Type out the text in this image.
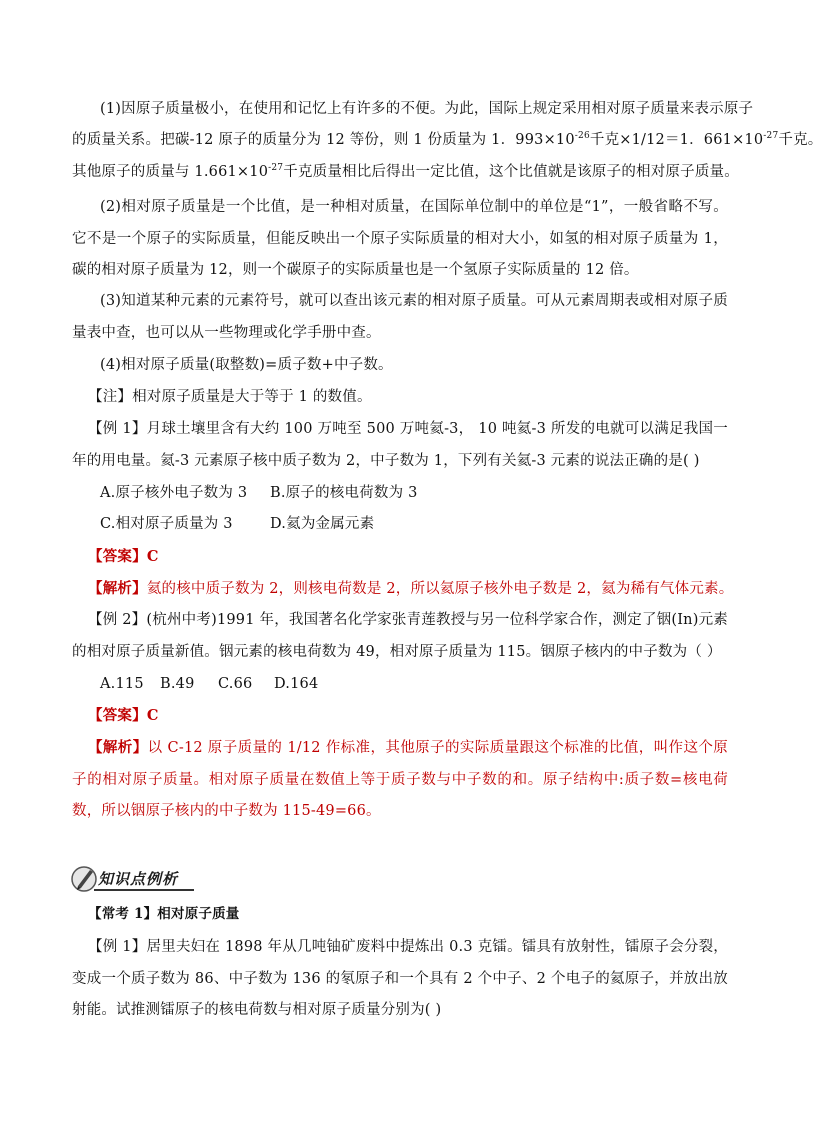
(1)因原子质量极小，在使用和记忆上有许多的不便。为此，国际上规定采用相对原子质量来表示原子
的质量关系。把碳-12 原子的质量分为 12 等份，则 1 份质量为 1．$993\times 10^{-26}$千克×1/12＝1．$661\times 10^{-27}$千克。
其他原子的质量与 $1.661\times 10^{-27}$千克质量相比后得出一定比值，这个比值就是该原子的相对原子质量。

(2)相对原子质量是一个比值，是一种相对质量，在国际单位制中的单位是“1”，一般省略不写。它不是一个原子的实际质量，但能反映出一个原子实际质量的相对大小，如氢的相对原子质量为 1，碳的相对原子质量为 12，则一个碳原子的实际质量也是一个氢原子实际质量的 12 倍。

(3)知道某种元素的元素符号，就可以查出该元素的相对原子质量。可从元素周期表或相对原子质量表中查，也可以从一些物理或化学手册中查。

(4)相对原子质量(取整数)=质子数+中子数。

【注】相对原子质量是大于等于 1 的数值。

【例 1】月球土壤里含有大约 100 万吨至 500 万吨氦-3， 10 吨氦-3 所发的电就可以满足我国一年的用电量。氦-3 元素原子核中质子数为 2，中子数为 1，下列有关氦-3 元素的说法正确的是( )

A.原子核外电子数为 3 B.原子的核电荷数为 3
C.相对原子质量为 3	D.氦为金属元素
【答案】C
【解析】氦的核中质子数为 2，则核电荷数是 2，所以氦原子核外电子数是 2，氦为稀有气体元素。

【例 2】(杭州中考)1991 年，我国著名化学家张青莲教授与另一位科学家合作，测定了铟(In)元素的相对原子质量新值。铟元素的核电荷数为 49，相对原子质量为 115。铟原子核内的中子数为（ ）

A.115 B.49 C.66 D.164
【答案】C

【解析】以 C-12 原子质量的 1/12 作标准，其他原子的实际质量跟这个标准的比值，叫作这个原子的相对原子质量。相对原子质量在数值上等于质子数与中子数的和。原子结构中:质子数=核电荷数，所以铟原子核内的中子数为 115-49=66。

知识点例析
【常考 1】相对原子质量

【例 1】居里夫妇在 1898 年从几吨铀矿废料中提炼出 0.3 克镭。镭具有放射性，镭原子会分裂，变成一个质子数为 86、中子数为 136 的氡原子和一个具有 2 个中子、2 个电子的氦原子，并放出放射能。试推测镭原子的核电荷数与相对原子质量分别为( )
